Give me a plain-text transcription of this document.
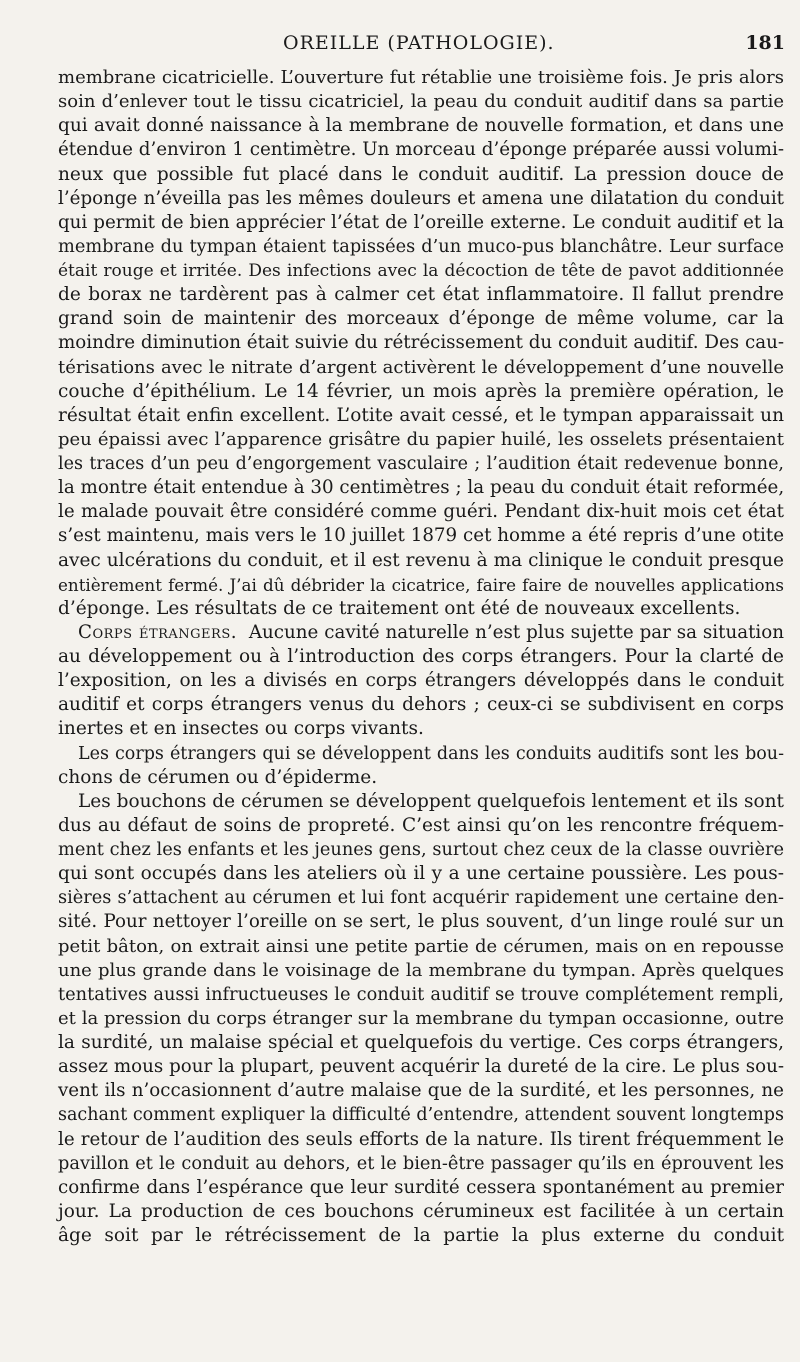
OREILLE (PATHOLOGIE).	181

membrane cicatricielle. L’ouverture fut rétablie une troisième fois. Je pris alors
soin d’enlever tout le tissu cicatriciel, la peau du conduit auditif dans sa partie
qui avait donné naissance à la membrane de nouvelle formation, et dans une
étendue d’environ 1 centimètre. Un morceau d’éponge préparée aussi volumi-
neux que possible fut placé dans le conduit auditif. La pression douce de
l’éponge n’éveilla pas les mêmes douleurs et amena une dilatation du conduit
qui permit de bien apprécier l’état de l’oreille externe. Le conduit auditif et la
membrane du tympan étaient tapissées d’un muco-pus blanchâtre. Leur surface
était rouge et irritée. Des infections avec la décoction de tête de pavot additionnée
de borax ne tardèrent pas à calmer cet état inflammatoire. Il fallut prendre
grand soin de maintenir des morceaux d’éponge de même volume, car la
moindre diminution était suivie du rétrécissement du conduit auditif. Des cau-
térisations avec le nitrate d’argent activèrent le développement d’une nouvelle
couche d’épithélium. Le 14 février, un mois après la première opération, le
résultat était enfin excellent. L’otite avait cessé, et le tympan apparaissait un
peu épaissi avec l’apparence grisâtre du papier huilé, les osselets présentaient
les traces d’un peu d’engorgement vasculaire ; l’audition était redevenue bonne,
la montre était entendue à 30 centimètres ; la peau du conduit était reformée,
le malade pouvait être considéré comme guéri. Pendant dix-huit mois cet état
s’est maintenu, mais vers le 10 juillet 1879 cet homme a été repris d’une otite
avec ulcérations du conduit, et il est revenu à ma clinique le conduit presque
entièrement fermé. J’ai dû débrider la cicatrice, faire faire de nouvelles applications
d’éponge. Les résultats de ce traitement ont été de nouveaux excellents.

Corps étrangers. Aucune cavité naturelle n’est plus sujette par sa situation
au développement ou à l’introduction des corps étrangers. Pour la clarté de
l’exposition, on les a divisés en corps étrangers développés dans le conduit
auditif et corps étrangers venus du dehors ; ceux-ci se subdivisent en corps
inertes et en insectes ou corps vivants.

Les corps étrangers qui se développent dans les conduits auditifs sont les bou-
chons de cérumen ou d’épiderme.

Les bouchons de cérumen se développent quelquefois lentement et ils sont
dus au défaut de soins de propreté. C’est ainsi qu’on les rencontre fréquem-
ment chez les enfants et les jeunes gens, surtout chez ceux de la classe ouvrière
qui sont occupés dans les ateliers où il y a une certaine poussière. Les pous-
sières s’attachent au cérumen et lui font acquérir rapidement une certaine den-
sité. Pour nettoyer l’oreille on se sert, le plus souvent, d’un linge roulé sur un
petit bâton, on extrait ainsi une petite partie de cérumen, mais on en repousse
une plus grande dans le voisinage de la membrane du tympan. Après quelques
tentatives aussi infructueuses le conduit auditif se trouve complétement rempli,
et la pression du corps étranger sur la membrane du tympan occasionne, outre
la surdité, un malaise spécial et quelquefois du vertige. Ces corps étrangers,
assez mous pour la plupart, peuvent acquérir la dureté de la cire. Le plus sou-
vent ils n’occasionnent d’autre malaise que de la surdité, et les personnes, ne
sachant comment expliquer la difficulté d’entendre, attendent souvent longtemps
le retour de l’audition des seuls efforts de la nature. Ils tirent fréquemment le
pavillon et le conduit au dehors, et le bien-être passager qu’ils en éprouvent les
confirme dans l’espérance que leur surdité cessera spontanément au premier
jour. La production de ces bouchons cérumineux est facilitée à un certain
âge soit par le rétrécissement de la partie la plus externe du conduit
